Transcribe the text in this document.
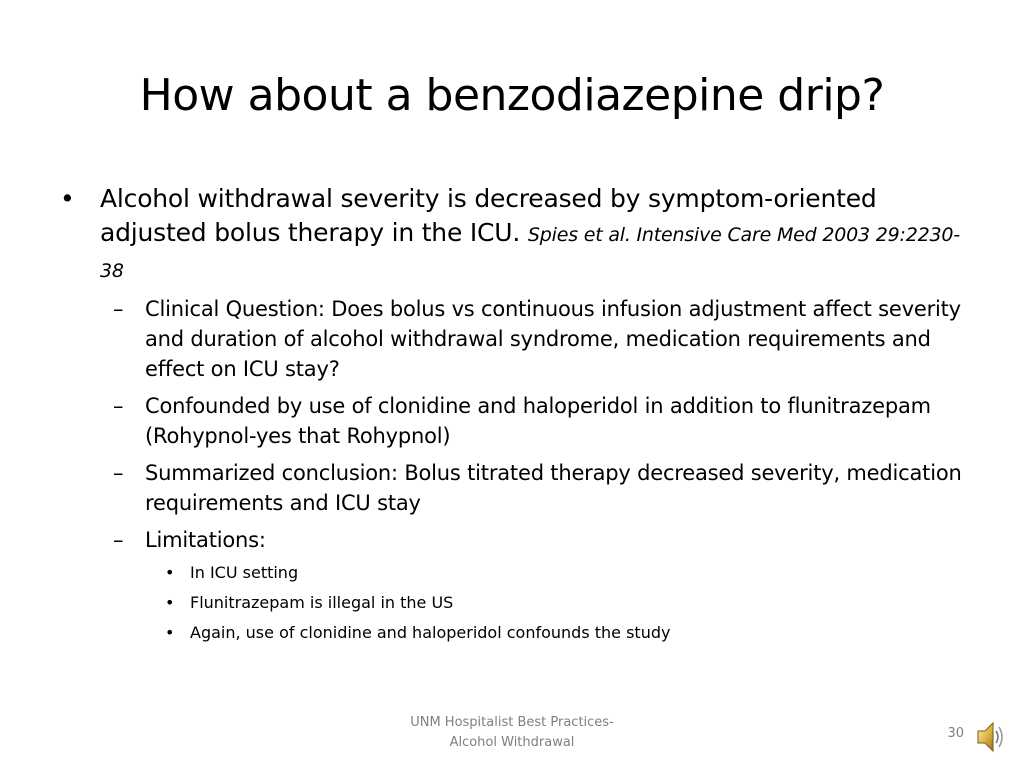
How about a benzodiazepine drip?
• Alcohol withdrawal severity is decreased by symptom-oriented adjusted bolus therapy in the ICU. Spies et al. Intensive Care Med 2003 29:2230-38
– Clinical Question: Does bolus vs continuous infusion adjustment affect severity and duration of alcohol withdrawal syndrome, medication requirements and effect on ICU stay?
– Confounded by use of clonidine and haloperidol in addition to flunitrazepam (Rohypnol-yes that Rohypnol)
– Summarized conclusion: Bolus titrated therapy decreased severity, medication requirements and ICU stay
– Limitations:
• In ICU setting
• Flunitrazepam is illegal in the US
• Again, use of clonidine and haloperidol confounds the study
UNM Hospitalist Best Practices-
Alcohol Withdrawal
30
